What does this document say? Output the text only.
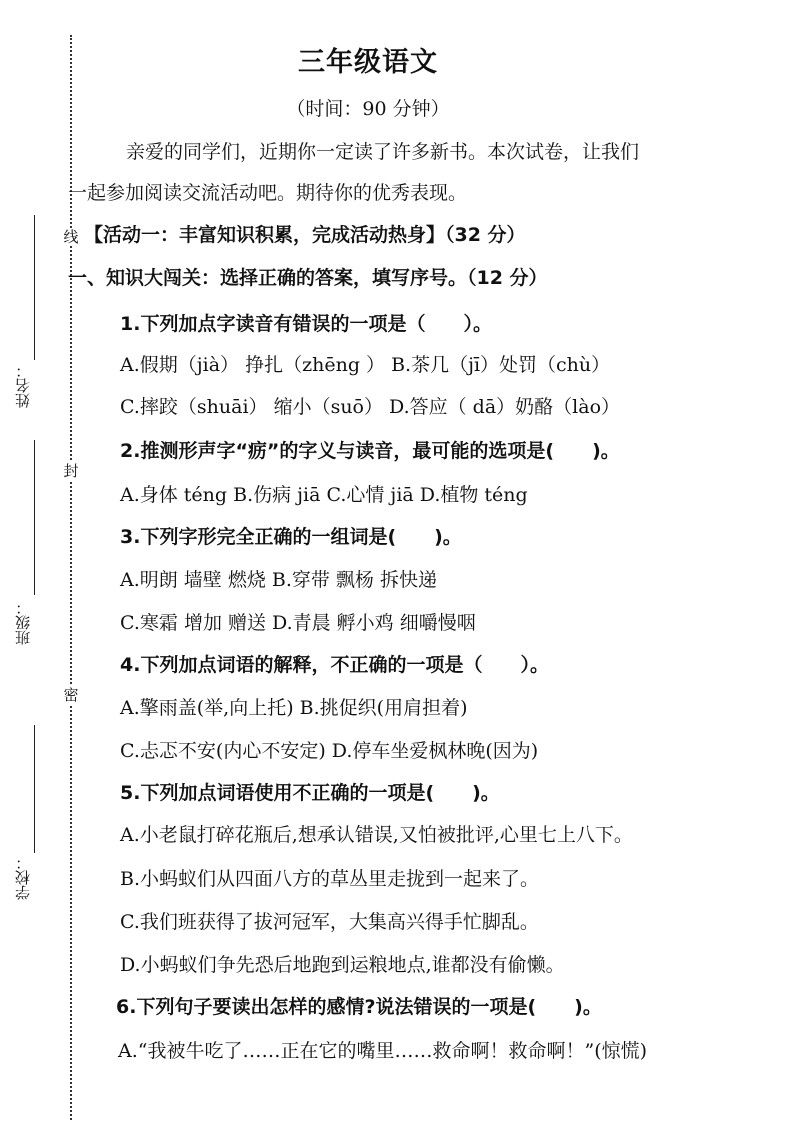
线
封
密
姓名：
班级：
学校：
三年级语文
（时间：90 分钟）
亲爱的同学们，近期你一定读了许多新书。本次试卷，让我们
一起参加阅读交流活动吧。期待你的优秀表现。
【活动一：丰富知识积累，完成活动热身】（32 分）
一、知识大闯关：选择正确的答案，填写序号。（12 分）
1.下列加点字读音有错误的一项是（　　）。
A.假期（jià） 挣扎（zhēng ） B.茶几（jī）处罚（chù）
C.摔跤（shuāi） 缩小（suō） D.答应（ dā）奶酪（lào）
2.推测形声字“疬”的字义与读音，最可能的选项是(　　)。
A.身体 téng B.伤病 jiā C.心情 jiā D.植物 téng
3.下列字形完全正确的一组词是(　　)。
A.明朗 墙壁 燃烧 B.穿带 飘杨 拆快递
C.寒霜 增加 赠送 D.青晨 孵小鸡 细嚼慢咽
4.下列加点词语的解释，不正确的一项是（　　）。
A.擎雨盖(举,向上托) B.挑促织(用肩担着)
C.忐忑不安(内心不安定) D.停车坐爱枫林晚(因为)
5.下列加点词语使用不正确的一项是(　　)。
A.小老鼠打碎花瓶后,想承认错误,又怕被批评,心里七上八下。
B.小蚂蚁们从四面八方的草丛里走拢到一起来了。
C.我们班获得了拔河冠军，大集高兴得手忙脚乱。
D.小蚂蚁们争先恐后地跑到运粮地点,谁都没有偷懒。
6.下列句子要读出怎样的感情?说法错误的一项是(　　)。
A.“我被牛吃了……正在它的嘴里……救命啊！救命啊！”(惊慌)
